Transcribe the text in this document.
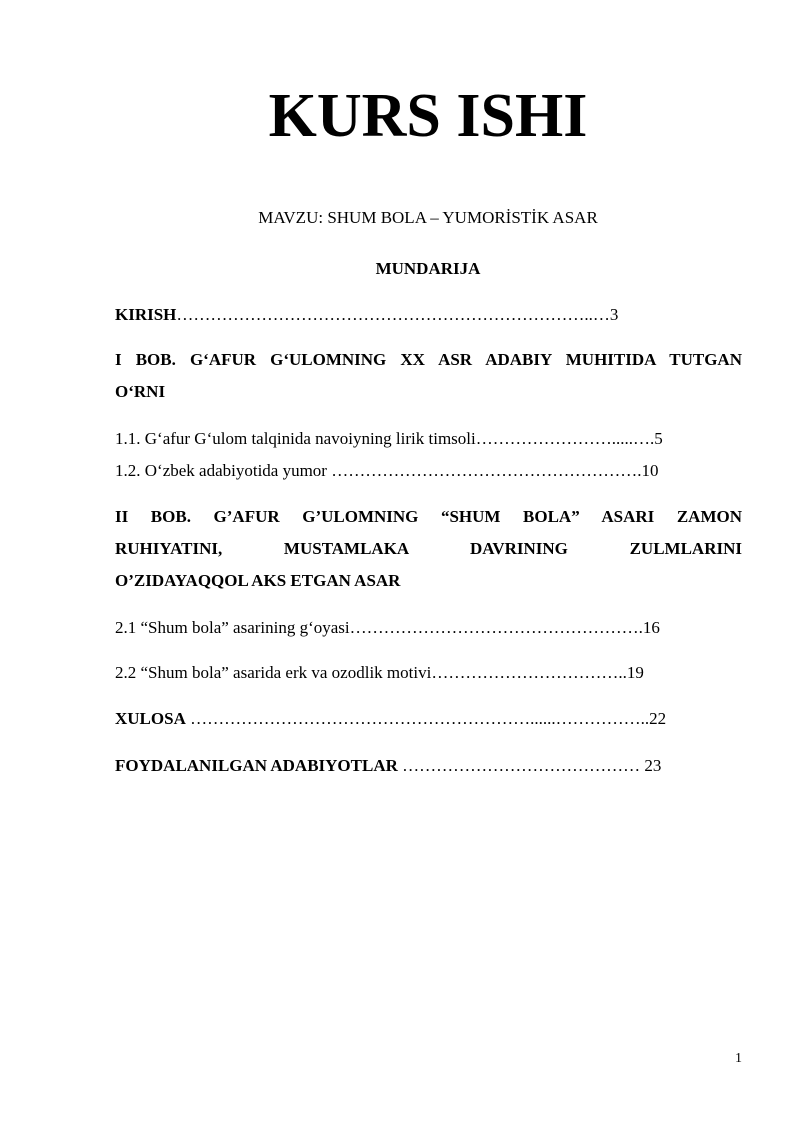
KURS ISHI
MAVZU: SHUM BOLA – YUMORİSTİK ASAR
MUNDARIJA
KIRISH………………………………………………………………..…3
I BOB. G‘AFUR G‘ULOMNING XX ASR ADABIY MUHITIDA TUTGAN
O‘RNI
1.1. G‘afur G‘ulom talqinida navoiyning lirik timsoli…………………….....….5
1.2. O‘zbek adabiyotida yumor ……………………………………………….10
II BOB. G’AFUR G’ULOMNING “SHUM BOLA” ASARI ZAMON
RUHIYATINI, MUSTAMLAKA DAVRINING ZULMLARINI
O’ZIDAYAQQOL AKS ETGAN ASAR
2.1 “Shum bola” asarining g‘oyasi…………………………………………….16
2.2 “Shum bola” asarida erk va ozodlik motivi……………………………..19
XULOSA ……………………………………………………......……………..22
FOYDALANILGAN ADABIYOTLAR …………………………………… 23
1
